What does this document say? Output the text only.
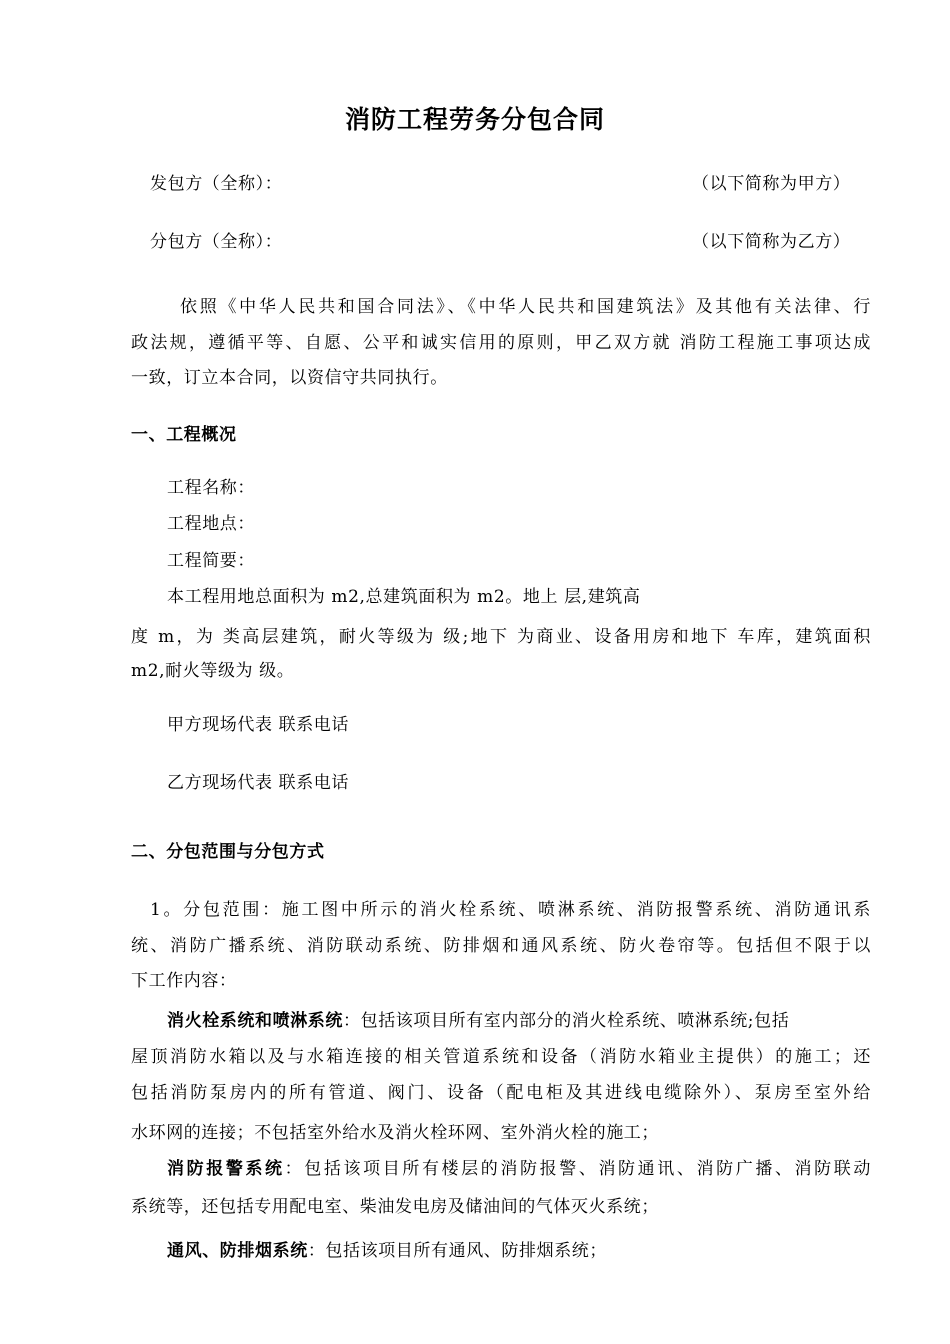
消防工程劳务分包合同
发包方（全称）：	（以下简称为甲方）
分包方（全称）：	（以下简称为乙方）
依照《中华人民共和国合同法》、《中华人民共和国建筑法》及其他有关法律、行
政法规，遵循平等、自愿、公平和诚实信用的原则，甲乙双方就 消防工程施工事项达成
一致，订立本合同，以资信守共同执行。
一、工程概况
工程名称：
工程地点：
工程简要：
本工程用地总面积为 m2,总建筑面积为 m2。地上 层,建筑高
度 m，为 类高层建筑，耐火等级为 级;地下 为商业、设备用房和地下 车库，建筑面积
m2,耐火等级为 级。
甲方现场代表 联系电话
乙方现场代表 联系电话
二、分包范围与分包方式
1。分包范围：施工图中所示的消火栓系统、喷淋系统、消防报警系统、消防通讯系
统、消防广播系统、消防联动系统、防排烟和通风系统、防火卷帘等。包括但不限于以
下工作内容：
消火栓系统和喷淋系统：包括该项目所有室内部分的消火栓系统、喷淋系统;包括
屋顶消防水箱以及与水箱连接的相关管道系统和设备（消防水箱业主提供）的施工；还
包括消防泵房内的所有管道、阀门、设备（配电柜及其进线电缆除外）、泵房至室外给
水环网的连接；不包括室外给水及消火栓环网、室外消火栓的施工；
消防报警系统：包括该项目所有楼层的消防报警、消防通讯、消防广播、消防联动
系统等，还包括专用配电室、柴油发电房及储油间的气体灭火系统；
通风、防排烟系统：包括该项目所有通风、防排烟系统；
